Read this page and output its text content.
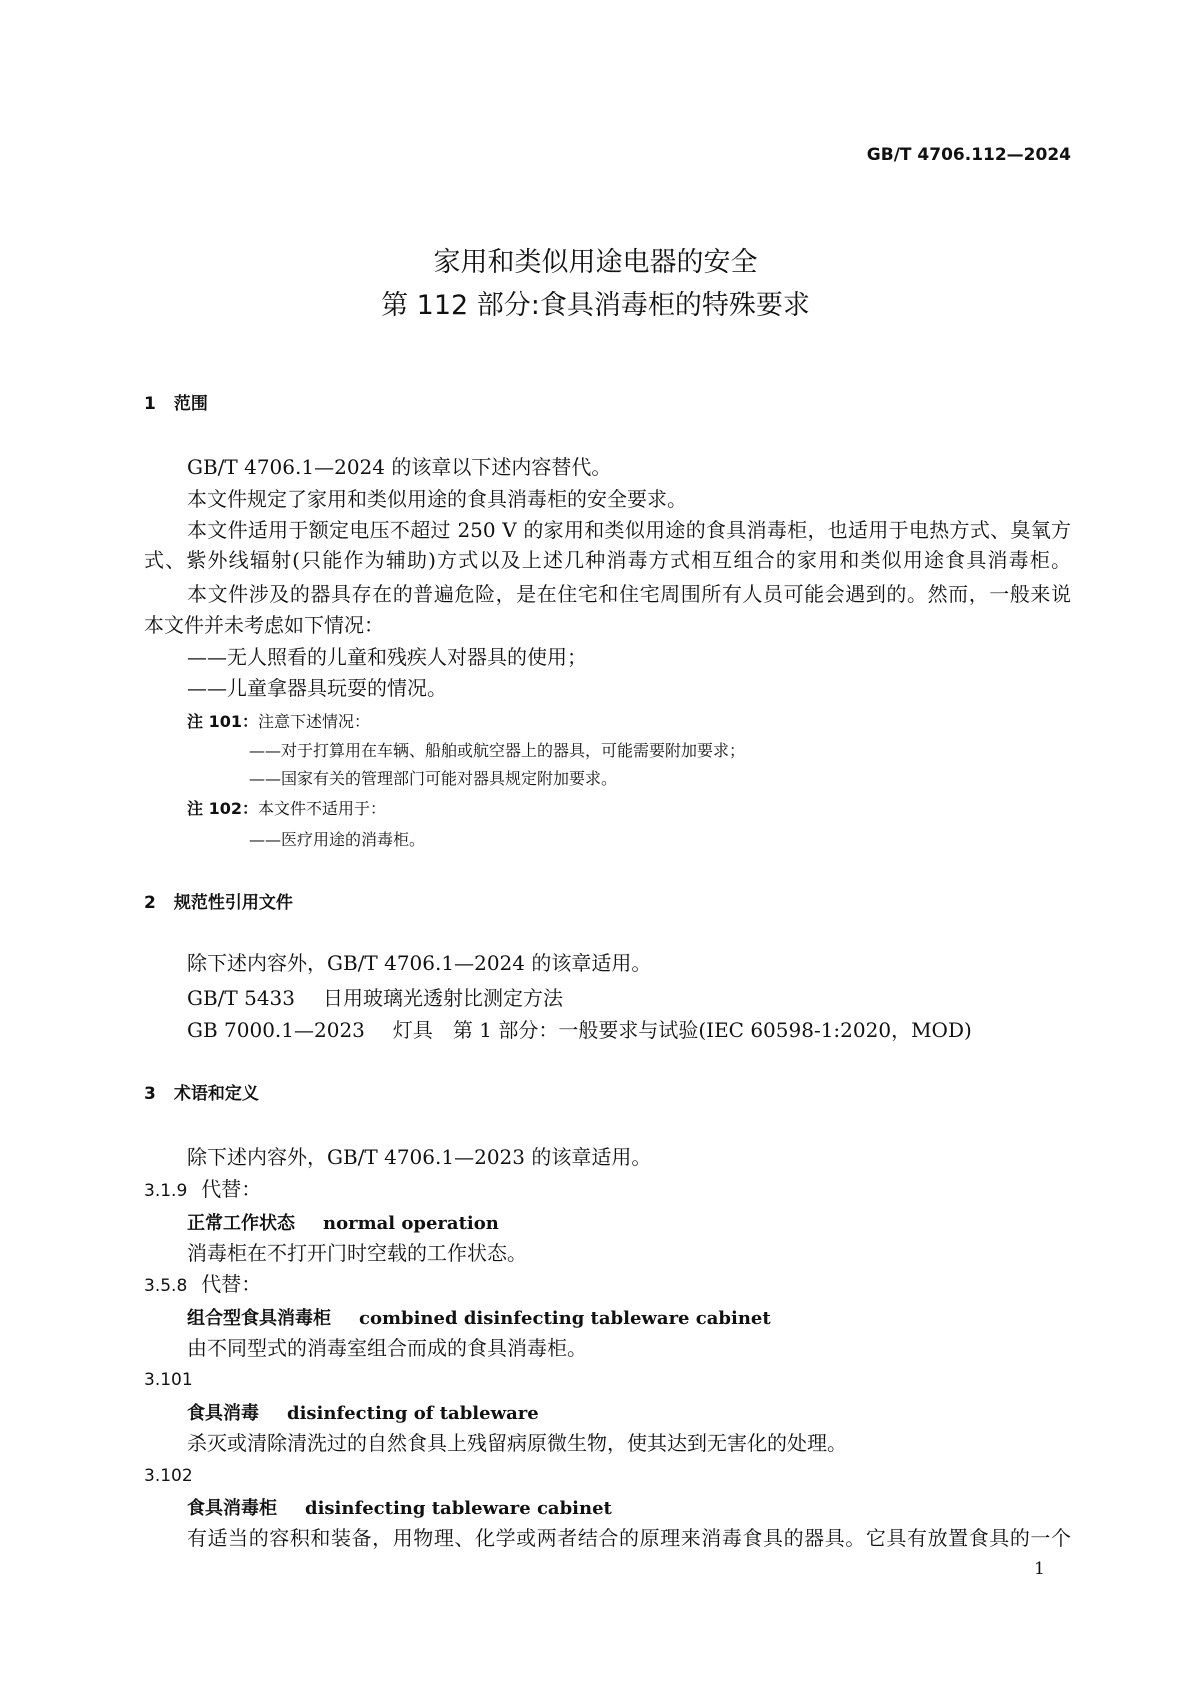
GB/T 4706.112—2024
家用和类似用途电器的安全
第 112 部分:食具消毒柜的特殊要求
1 范围
GB/T 4706.1—2024 的该章以下述内容替代。
本文件规定了家用和类似用途的食具消毒柜的安全要求。
本文件适用于额定电压不超过 250 V 的家用和类似用途的食具消毒柜，也适用于电热方式、臭氧方
式、紫外线辐射(只能作为辅助)方式以及上述几种消毒方式相互组合的家用和类似用途食具消毒柜。
本文件涉及的器具存在的普遍危险，是在住宅和住宅周围所有人员可能会遇到的。然而，一般来说
本文件并未考虑如下情况：
——无人照看的儿童和残疾人对器具的使用；
——儿童拿器具玩耍的情况。
注 101：注意下述情况：
——对于打算用在车辆、船舶或航空器上的器具，可能需要附加要求；
——国家有关的管理部门可能对器具规定附加要求。
注 102：本文件不适用于：
——医疗用途的消毒柜。
2 规范性引用文件
除下述内容外，GB/T 4706.1—2024 的该章适用。
GB/T 5433 日用玻璃光透射比测定方法
GB 7000.1—2023 灯具　第 1 部分：一般要求与试验(IEC 60598-1:2020，MOD)
3 术语和定义
除下述内容外，GB/T 4706.1—2023 的该章适用。
3.1.9 代替：
正常工作状态 normal operation
消毒柜在不打开门时空载的工作状态。
3.5.8 代替：
组合型食具消毒柜 combined disinfecting tableware cabinet
由不同型式的消毒室组合而成的食具消毒柜。
3.101
食具消毒 disinfecting of tableware
杀灭或清除清洗过的自然食具上残留病原微生物，使其达到无害化的处理。
3.102
食具消毒柜 disinfecting tableware cabinet
有适当的容积和装备，用物理、化学或两者结合的原理来消毒食具的器具。它具有放置食具的一个
1
